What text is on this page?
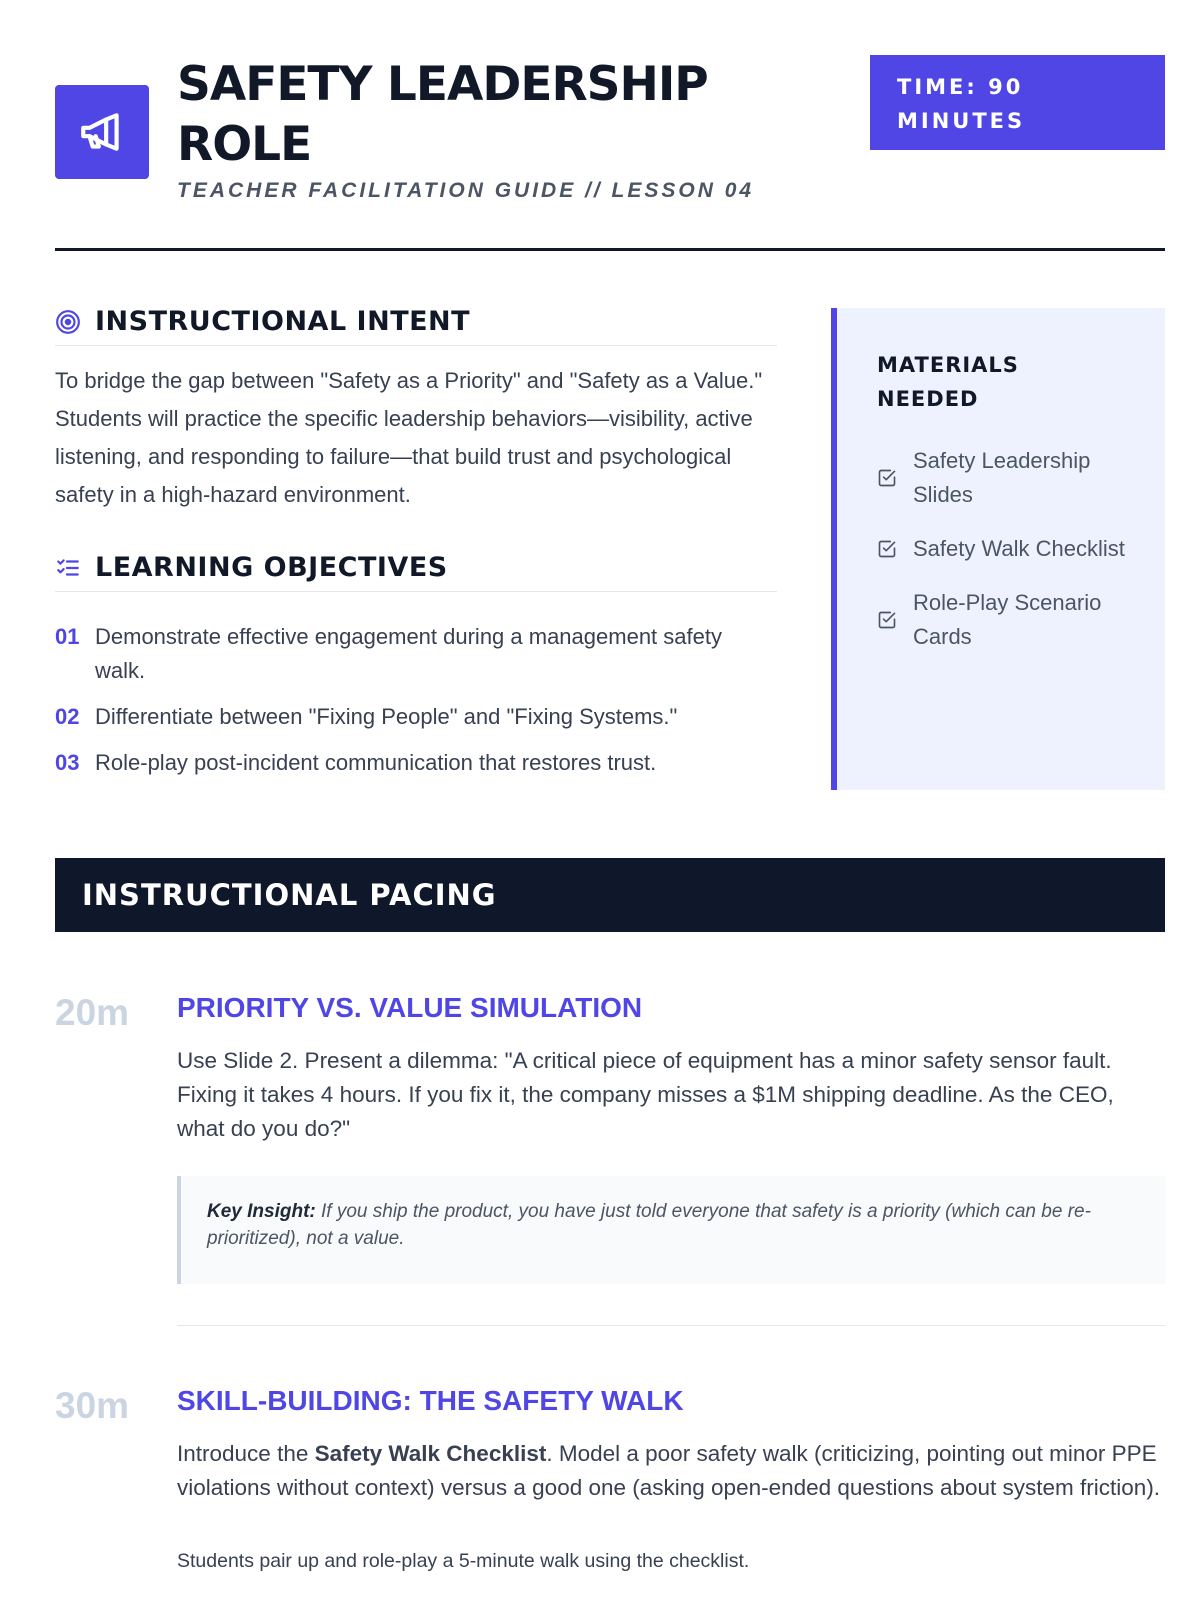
SAFETY LEADERSHIP ROLE
TEACHER FACILITATION GUIDE // LESSON 04
TIME: 90 MINUTES
INSTRUCTIONAL INTENT

To bridge the gap between "Safety as a Priority" and "Safety as a Value." Students will practice the specific leadership behaviors—visibility, active listening, and responding to failure—that build trust and psychological safety in a high-hazard environment.

LEARNING OBJECTIVES
01 Demonstrate effective engagement during a management safety walk.
02 Differentiate between "Fixing People" and "Fixing Systems."
03 Role-play post-incident communication that restores trust.
MATERIALS NEEDED
Safety Leadership Slides
Safety Walk Checklist
Role-Play Scenario Cards
INSTRUCTIONAL PACING
20m PRIORITY VS. VALUE SIMULATION

Use Slide 2. Present a dilemma: "A critical piece of equipment has a minor safety sensor fault. Fixing it takes 4 hours. If you fix it, the company misses a $1M shipping deadline. As the CEO, what do you do?"

Key Insight: If you ship the product, you have just told everyone that safety is a priority (which can be re-prioritized), not a value.
30m SKILL-BUILDING: THE SAFETY WALK

Introduce the Safety Walk Checklist. Model a poor safety walk (criticizing, pointing out minor PPE violations without context) versus a good one (asking open-ended questions about system friction).

Students pair up and role-play a 5-minute walk using the checklist.
